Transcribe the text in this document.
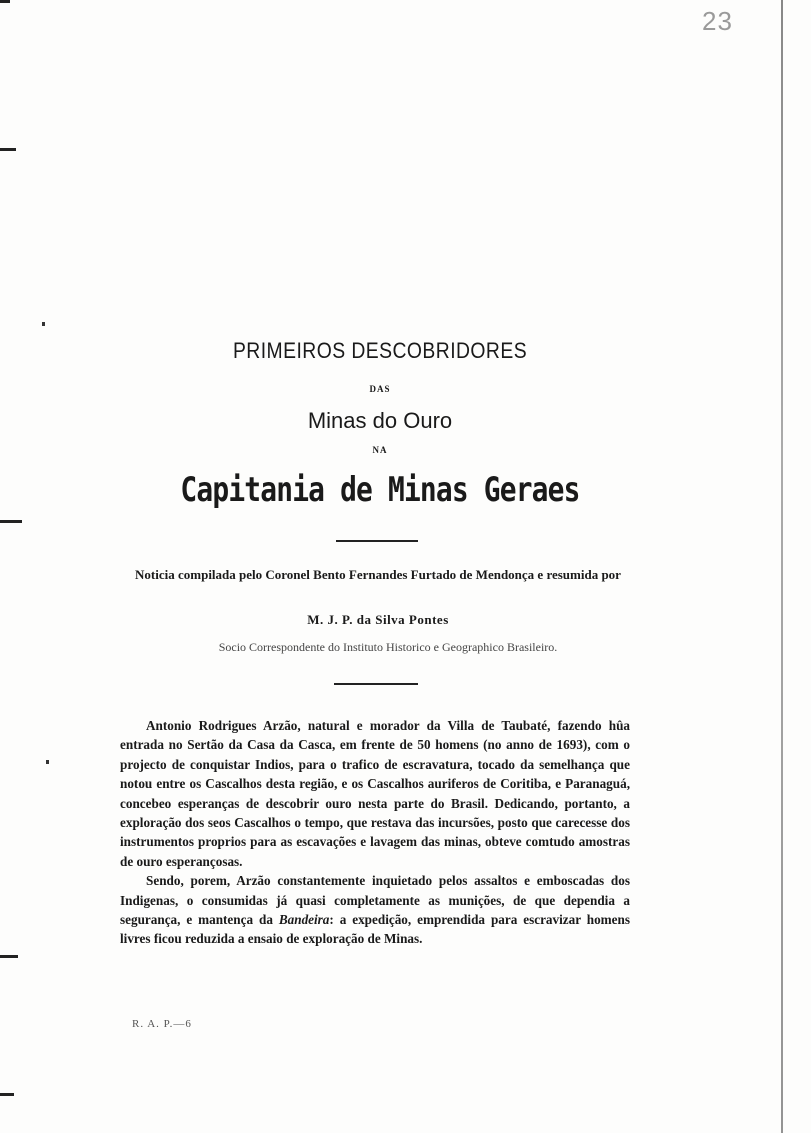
23
PRIMEIROS DESCOBRIDORES
DAS
Minas do Ouro
NA
Capitania de Minas Geraes
Noticia compilada pelo Coronel Bento Fernandes Furtado de Mendonça e resumida por
M. J. P. da Silva Pontes
Socio Correspondente do Instituto Historico e Geographico Brasileiro.

Antonio Rodrigues Arzão, natural e morador da Villa de Taubaté, fazendo hûa entrada no Sertão da Casa da Casca, em frente de 50 homens (no anno de 1693), com o projecto de conquistar Indios, para o trafico de escravatura, tocado da semelhança que notou entre os Cascalhos desta região, e os Cascalhos auriferos de Coritiba, e Paranaguá, concebeo esperanças de descobrir ouro nesta parte do Brasil. Dedicando, portanto, a exploração dos seos Cascalhos o tempo, que restava das incursões, posto que carecesse dos instrumentos proprios para as escavações e lavagem das minas, obteve comtudo amostras de ouro esperançosas.

Sendo, porem, Arzão constantemente inquietado pelos assaltos e emboscadas dos Indigenas, o consumidas já quasi completamente as munições, de que dependia a segurança, e mantença da Bandeira: a expedição, emprendida para escravizar homens livres ficou reduzida a ensaio de exploração de Minas.

R. A. P.—6
